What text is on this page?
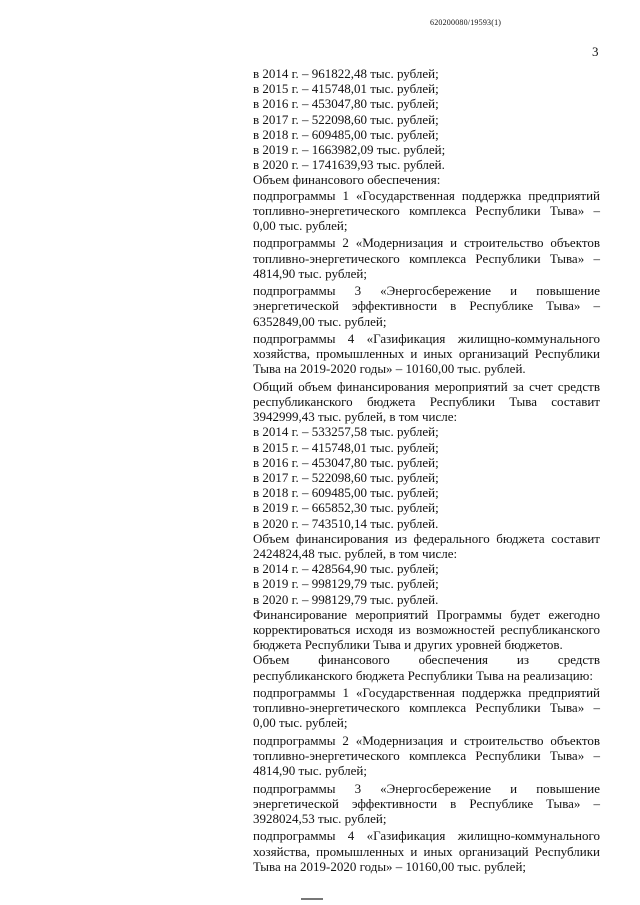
620200080/19593(1)
3
в 2014 г. – 961822,48 тыс. рублей;
в 2015 г. – 415748,01 тыс. рублей;
в 2016 г. – 453047,80 тыс. рублей;
в 2017 г. – 522098,60 тыс. рублей;
в 2018 г. – 609485,00 тыс. рублей;
в 2019 г. – 1663982,09 тыс. рублей;
в 2020 г. – 1741639,93 тыс. рублей.
Объем финансового обеспечения:
подпрограммы 1 «Государственная поддержка предприятий топливно-энергетического комплекса Республики Тыва» – 0,00 тыс. рублей;
подпрограммы 2 «Модернизация и строительство объектов топливно-энергетического комплекса Республики Тыва» – 4814,90 тыс. рублей;
подпрограммы 3 «Энергосбережение и повышение энергетической эффективности в Республике Тыва» – 6352849,00 тыс. рублей;
подпрограммы 4 «Газификация жилищно-коммунального хозяйства, промышленных и иных организаций Республики Тыва на 2019-2020 годы» – 10160,00 тыс. рублей.
Общий объем финансирования мероприятий за счет средств республиканского бюджета Республики Тыва составит 3942999,43 тыс. рублей, в том числе:
в 2014 г. – 533257,58 тыс. рублей;
в 2015 г. – 415748,01 тыс. рублей;
в 2016 г. – 453047,80 тыс. рублей;
в 2017 г. – 522098,60 тыс. рублей;
в 2018 г. – 609485,00 тыс. рублей;
в 2019 г. – 665852,30 тыс. рублей;
в 2020 г. – 743510,14 тыс. рублей.
Объем финансирования из федерального бюджета составит 2424824,48 тыс. рублей, в том числе:
в 2014 г. – 428564,90 тыс. рублей;
в 2019 г. – 998129,79 тыс. рублей;
в 2020 г. – 998129,79 тыс. рублей.
Финансирование мероприятий Программы будет ежегодно корректироваться исходя из возможностей республиканского бюджета Республики Тыва и других уровней бюджетов.
Объем финансового обеспечения из средств республиканского бюджета Республики Тыва на реализацию:
подпрограммы 1 «Государственная поддержка предприятий топливно-энергетического комплекса Республики Тыва» – 0,00 тыс. рублей;
подпрограммы 2 «Модернизация и строительство объектов топливно-энергетического комплекса Республики Тыва» – 4814,90 тыс. рублей;
подпрограммы 3 «Энергосбережение и повышение энергетической эффективности в Республике Тыва» – 3928024,53 тыс. рублей;
подпрограммы 4 «Газификация жилищно-коммунального хозяйства, промышленных и иных организаций Республики Тыва на 2019-2020 годы» – 10160,00 тыс. рублей;
